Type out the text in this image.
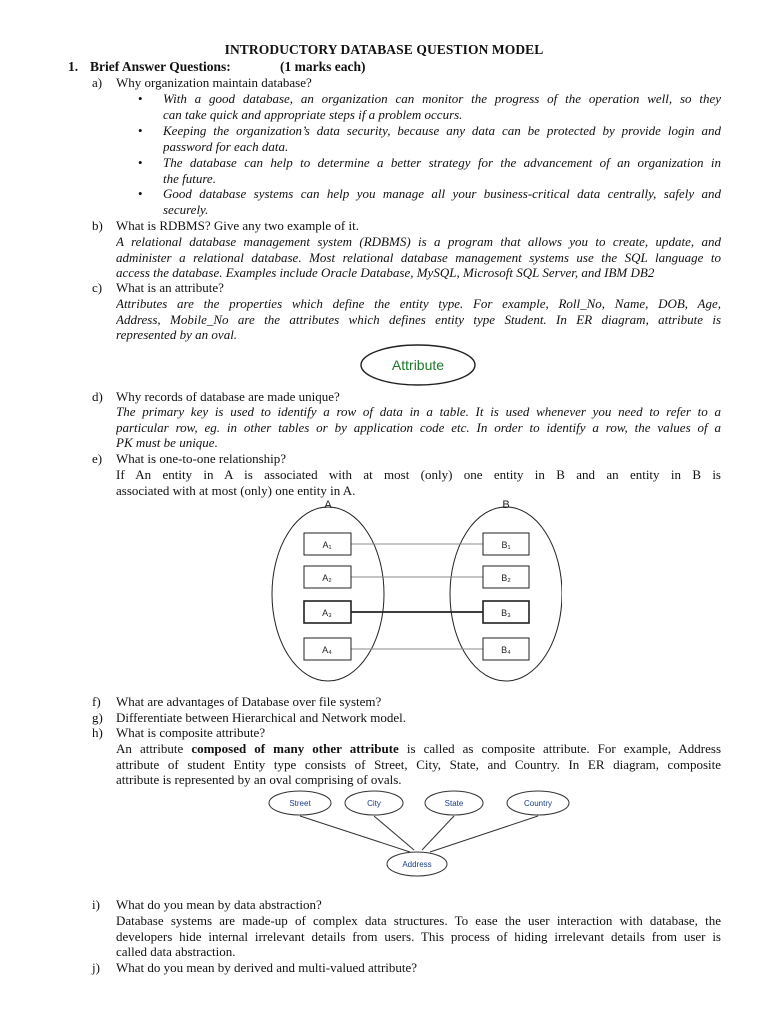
INTRODUCTORY DATABASE QUESTION MODEL
1. Brief Answer Questions:	(1 marks each)
a)	Why organization maintain database?
• With a good database, an organization can monitor the progress of the operation well, so they
can take quick and appropriate steps if a problem occurs.
• Keeping the organization’s data security, because any data can be protected by provide login and
password for each data.
• The database can help to determine a better strategy for the advancement of an organization in
the future.
• Good database systems can help you manage all your business-critical data centrally, safely and
securely.
b)	What is RDBMS? Give any two example of it.
A relational database management system (RDBMS) is a program that allows you to create, update, and
administer a relational database. Most relational database management systems use the SQL language to
access the database. Examples include Oracle Database, MySQL, Microsoft SQL Server, and IBM DB2
c)	What is an attribute?
Attributes are the properties which define the entity type. For example, Roll_No, Name, DOB, Age,
Address, Mobile_No are the attributes which defines entity type Student. In ER diagram, attribute is
represented by an oval.
Attribute
d)	Why records of database are made unique?
The primary key is used to identify a row of data in a table. It is used whenever you need to refer to a
particular row, eg. in other tables or by application code etc. In order to identify a row, the values of a
PK must be unique.
e)	What is one-to-one relationship?
If An entity in A is associated with at most (only) one entity in B and an entity in B is
associated with at most (only) one entity in A.
A	B
A₁
A₂
A₃
A₄
B₁
B₂
B₃
B₄
f)	What are advantages of Database over file system?
g)	Differentiate between Hierarchical and Network model.
h)	What is composite attribute?
An attribute composed of many other attribute is called as composite attribute. For example, Address
attribute of student Entity type consists of Street, City, State, and Country. In ER diagram, composite
attribute is represented by an oval comprising of ovals.
Street	City	State	Country
Address
i)	What do you mean by data abstraction?
Database systems are made-up of complex data structures. To ease the user interaction with database, the
developers hide internal irrelevant details from users. This process of hiding irrelevant details from user is
called data abstraction.
j)	What do you mean by derived and multi-valued attribute?
